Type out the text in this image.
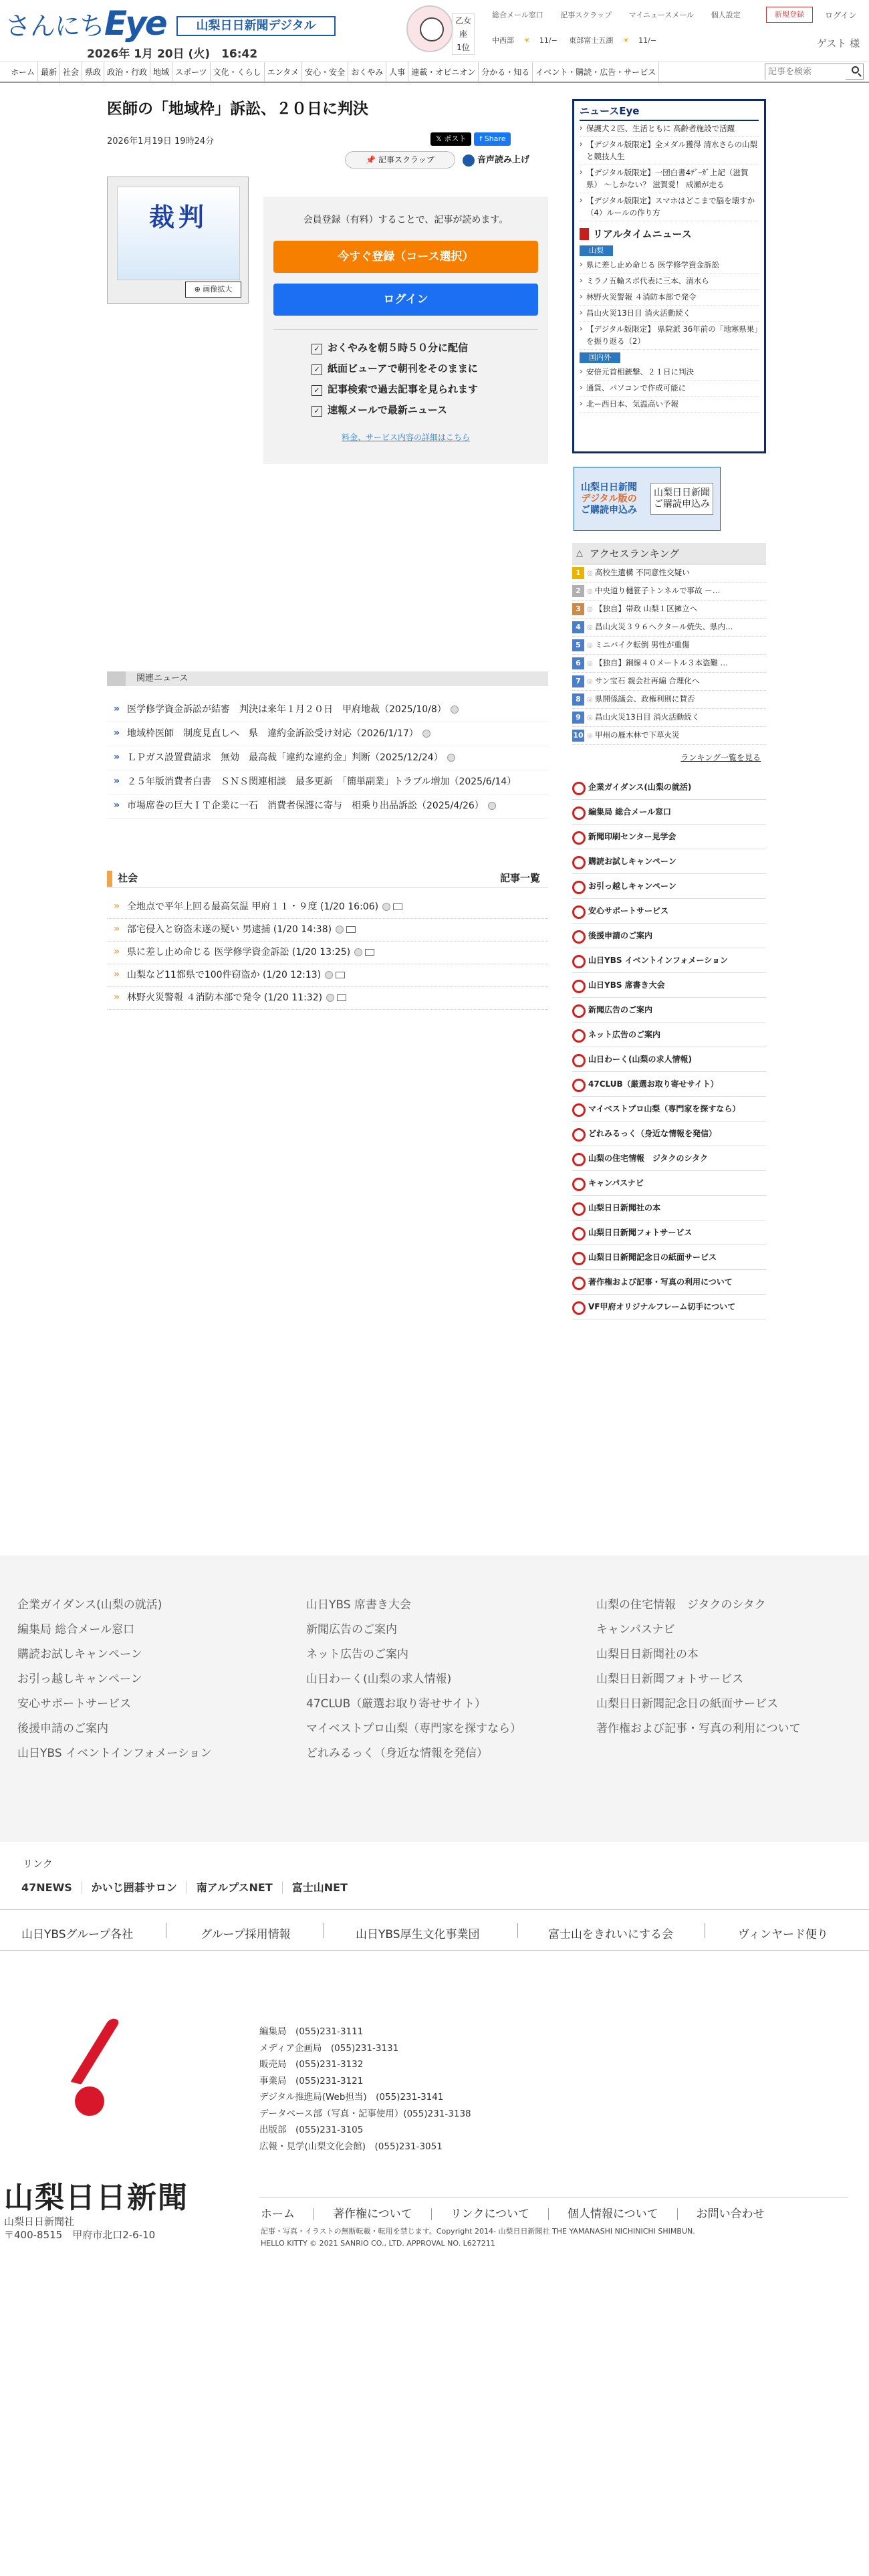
さんにちEye	山梨日日新聞デジタル
2026年 1月 20日 (火)　16:42
乙女座
1位
総合メール窓口 記事スクラップ マイニュースメール 個人設定	新規登録	ログイン
中西部 ☀ 11/− 東部富士五湖 ☀ 11/−	ゲスト 様
ホーム 最新 社会 県政 政治・行政 地域 スポーツ 文化・くらし エンタメ 安心・安全 おくやみ 人事 連載・オピニオン 分かる・知る イベント・購読・広告・サービス
記事を検索
医師の「地域枠」訴訟、２０日に判決
2026年1月19日 19時24分	𝕏 ポスト	f Share
📌 記事スクラップ	音声読み上げ
裁判
⊕ 画像拡大
会員登録（有料）することで、記事が読めます。
今すぐ登録（コース選択）
ログイン
✓ おくやみを朝５時５０分に配信
✓ 紙面ビューアで朝刊をそのままに
✓ 記事検索で過去記事を見られます
✓ 速報メールで最新ニュース
料金、サービス内容の詳細はこちら
関連ニュース
» 医学修学資金訴訟が結審　判決は来年１月２０日　甲府地裁（2025/10/8）
» 地域枠医師　制度見直しへ　県　違約金訴訟受け対応（2026/1/17）
» ＬＰガス設置費請求　無効　最高裁「違約な違約金」判断（2025/12/24）
» ２５年版消費者白書　ＳＮＳ関連相談　最多更新　「簡単副業」トラブル増加（2025/6/14）
» 市場席巻の巨大ＩＴ企業に一石　消費者保護に寄与　相乗り出品訴訟（2025/4/26）
社会	記事一覧
» 全地点で平年上回る最高気温 甲府１１・９度 (1/20 16:06)
» 部宅侵入と窃盗未遂の疑い 男逮捕 (1/20 14:38)
» 県に差し止め命じる 医学修学資金訴訟 (1/20 13:25)
» 山梨など11都県で100件窃盗か (1/20 12:13)
» 林野火災警報 ４消防本部で発令 (1/20 11:32)
ニュースEye
› 保護犬２匹、生活ともに 高齢者施設で活躍
› 【デジタル版限定】全メダル獲得 清水さらの山梨と競技人生
› 【デジタル版限定】一団白書4ﾃﾞｰｶﾞ上記（滋賀県） ～しかない？ 滋賀愛！ 成瀬が走る
› 【デジタル版限定】スマホはどこまで脳を壊すか（4）ルールの作り方
リアルタイムニュース
山梨
› 県に差し止め命じる 医学修学資金訴訟
› ミラノ五輪スポ代表に三本、清水ら
› 林野火災警報 ４消防本部で発令
› 昌山火災13日目 消火活動続く
› 【デジタル版限定】 県院派 36年前の「地寒県果」を振り返る（2）
国内外
› 安倍元首相銃撃、２１日に判決
› 通貨、パソコンで作成可能に
› 北ー西日本、気温高い予報
山梨日日新聞
デジタル版の
ご購読申込み
山梨日日新聞
ご購読申込み
△ アクセスランキング
1 ◎ 高校生遺構 不同意性交疑い
2 ◎ 中央道り樋笹子トンネルで事故 ー…
3 ◎ 【独自】帯政 山梨１区擁立へ
4 ◎ 昌山火災３９６ヘクタール焼失、県内…
5 ◎ ミニバイク転倒 男性が重傷
6 ◎ 【独自】銅線４０メートル３本盗難 …
7 ◎ サン宝石 親会社再編 合理化へ
8 ◎ 県開係議会、政権利則に賛否
9 ◎ 昌山火災13日目 消火活動続く
10 ◎ 甲州の雁木林で下草火災
ランキング一覧を見る
企業ガイダンス(山梨の就活)
編集局 総合メール窓口
新聞印刷センター見学会
購読お試しキャンペーン
お引っ越しキャンペーン
安心サポートサービス
後援申請のご案内
山日YBS イベントインフォメーション
山日YBS 席書き大会
新聞広告のご案内
ネット広告のご案内
山日わーく(山梨の求人情報)
47CLUB（厳選お取り寄せサイト）
マイベストプロ山梨（専門家を探すなら）
どれみるっく（身近な情報を発信）
山梨の住宅情報　ジタクのシタク
キャンパスナビ
山梨日日新聞社の本
山梨日日新聞フォトサービス
山梨日日新聞記念日の紙面サービス
著作権および記事・写真の利用について
VF甲府オリジナルフレーム切手について
企業ガイダンス(山梨の就活)
編集局 総合メール窓口
購読お試しキャンペーン
お引っ越しキャンペーン
安心サポートサービス
後援申請のご案内
山日YBS イベントインフォメーション
山日YBS 席書き大会
新聞広告のご案内
ネット広告のご案内
山日わーく(山梨の求人情報)
47CLUB（厳選お取り寄せサイト）
マイベストプロ山梨（専門家を探すなら）
どれみるっく（身近な情報を発信）
山梨の住宅情報　ジタクのシタク
キャンパスナビ
山梨日日新聞社の本
山梨日日新聞フォトサービス
山梨日日新聞記念日の紙面サービス
著作権および記事・写真の利用について
リンク
47NEWS かいじ囲碁サロン 南アルプスNET 富士山NET
山日YBSグループ各社	グループ採用情報	山日YBS厚生文化事業団	富士山をきれいにする会	ヴィンヤード便り
山梨日日新聞
山梨日日新聞社
〒400-8515　甲府市北口2-6-10
編集局　(055)231-3111
メディア企画局　(055)231-3131
販売局　(055)231-3132
事業局　(055)231-3121
デジタル推進局(Web担当)　(055)231-3141
データベース部（写真・記事使用）(055)231-3138
出版部　(055)231-3105
広報・見学(山梨文化会館)　(055)231-3051
ホーム	著作権について	リンクについて	個人情報について	お問い合わせ
記事・写真・イラストの無断転載・転用を禁じます。Copyright 2014- 山梨日日新聞社 THE YAMANASHI NICHINICHI SHIMBUN.
HELLO KITTY © 2021 SANRIO CO., LTD. APPROVAL NO. L627211
